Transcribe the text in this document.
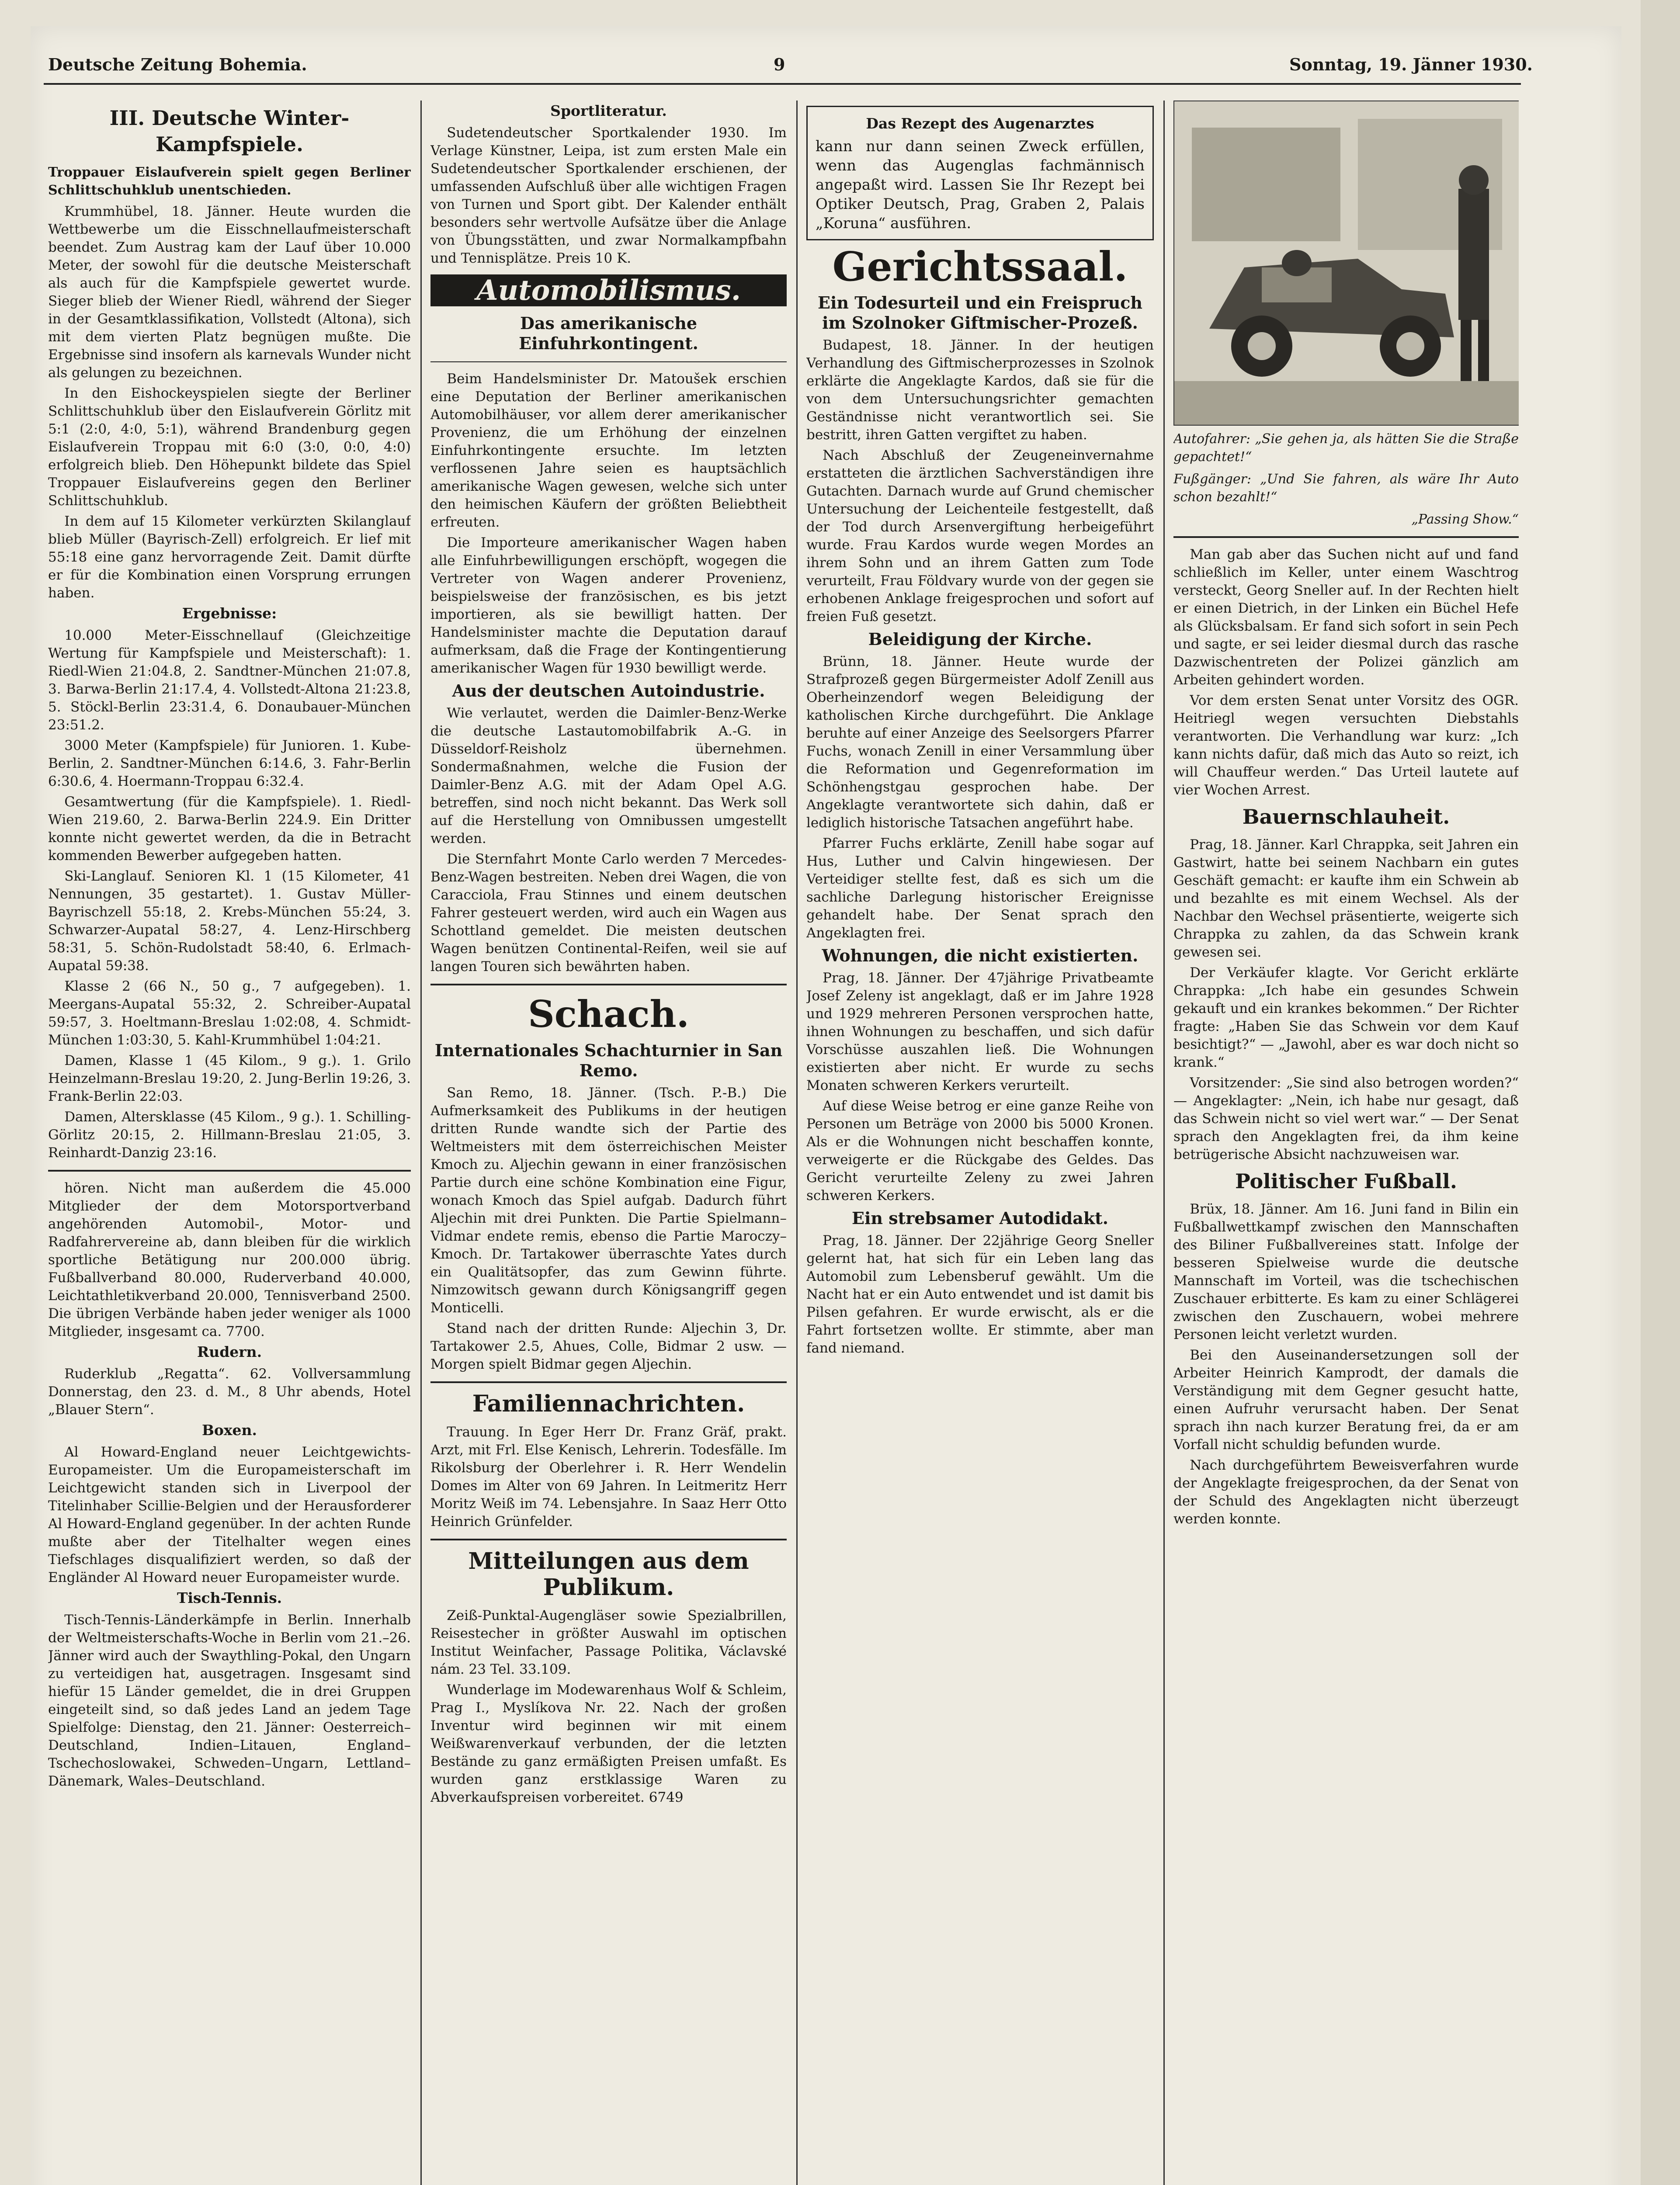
Deutsche Zeitung Bohemia.	9	Sonntag, 19. Jänner 1930.
III. Deutsche Winter-Kampfspiele.
Troppauer Eislaufverein spielt gegen Berliner Schlittschuhklub unentschieden.

Krummhübel, 18. Jänner. Heute wurden die Wettbewerbe um die Eisschnellaufmeisterschaft beendet. Zum Austrag kam der Lauf über 10.000 Meter, der sowohl für die deutsche Meisterschaft als auch für die Kampfspiele gewertet wurde. Sieger blieb der Wiener Riedl, während der Sieger in der Gesamtklassifikation, Vollstedt (Altona), sich mit dem vierten Platz begnügen mußte. Die Ergebnisse sind insofern als karnevals Wunder nicht als gelungen zu bezeichnen.

In den Eishockeyspielen siegte der Berliner Schlittschuhklub über den Eislaufverein Görlitz mit 5:1 (2:0, 4:0, 5:1), während Brandenburg gegen Eislaufverein Troppau mit 6:0 (3:0, 0:0, 4:0) erfolgreich blieb. Den Höhepunkt bildete das Spiel Troppauer Eislaufvereins gegen den Berliner Schlittschuhklub.

In dem auf 15 Kilometer verkürzten Skilanglauf blieb Müller (Bayrisch-Zell) erfolgreich. Er lief mit 55:18 eine ganz hervorragende Zeit. Damit dürfte er für die Kombination einen Vorsprung errungen haben.

Ergebnisse:

10.000 Meter-Eisschnellauf (Gleichzeitige Wertung für Kampfspiele und Meisterschaft): 1. Riedl-Wien 21:04.8, 2. Sandtner-München 21:07.8, 3. Barwa-Berlin 21:17.4, 4. Vollstedt-Altona 21:23.8, 5. Stöckl-Berlin 23:31.4, 6. Donaubauer-München 23:51.2.

3000 Meter (Kampfspiele) für Junioren. 1. Kube-Berlin, 2. Sandtner-München 6:14.6, 3. Fahr-Berlin 6:30.6, 4. Hoermann-Troppau 6:32.4.

Gesamtwertung (für die Kampfspiele). 1. Riedl-Wien 219.60, 2. Barwa-Berlin 224.9. Ein Dritter konnte nicht gewertet werden, da die in Betracht kommenden Bewerber aufgegeben hatten.

Ski-Langlauf. Senioren Kl. 1 (15 Kilometer, 41 Nennungen, 35 gestartet). 1. Gustav Müller-Bayrischzell 55:18, 2. Krebs-München 55:24, 3. Schwarzer-Aupatal 58:27, 4. Lenz-Hirschberg 58:31, 5. Schön-Rudolstadt 58:40, 6. Erlmach-Aupatal 59:38.

Klasse 2 (66 N., 50 g., 7 aufgegeben). 1. Meergans-Aupatal 55:32, 2. Schreiber-Aupatal 59:57, 3. Hoeltmann-Breslau 1:02:08, 4. Schmidt-München 1:03:30, 5. Kahl-Krummhübel 1:04:21.

Damen, Klasse 1 (45 Kilom., 9 g.). 1. Grilo Heinzelmann-Breslau 19:20, 2. Jung-Berlin 19:26, 3. Frank-Berlin 22:03.

Damen, Altersklasse (45 Kilom., 9 g.). 1. Schilling-Görlitz 20:15, 2. Hillmann-Breslau 21:05, 3. Reinhardt-Danzig 23:16.

hören. Nicht man außerdem die 45.000 Mitglieder der dem Motorsportverband angehörenden Automobil-, Motor- und Radfahrervereine ab, dann bleiben für die wirklich sportliche Betätigung nur 200.000 übrig. Fußballverband 80.000, Ruderverband 40.000, Leichtathletikverband 20.000, Tennisverband 2500. Die übrigen Verbände haben jeder weniger als 1000 Mitglieder, insgesamt ca. 7700.

Rudern.

Ruderklub „Regatta“. 62. Vollversammlung Donnerstag, den 23. d. M., 8 Uhr abends, Hotel „Blauer Stern“.

Boxen.

Al Howard-England neuer Leichtgewichts-Europameister. Um die Europameisterschaft im Leichtgewicht standen sich in Liverpool der Titelinhaber Scillie-Belgien und der Herausforderer Al Howard-England gegenüber. In der achten Runde mußte aber der Titelhalter wegen eines Tiefschlages disqualifiziert werden, so daß der Engländer Al Howard neuer Europameister wurde.

Tisch-Tennis.

Tisch-Tennis-Länderkämpfe in Berlin. Innerhalb der Weltmeisterschafts-Woche in Berlin vom 21.–26. Jänner wird auch der Swaythling-Pokal, den Ungarn zu verteidigen hat, ausgetragen. Insgesamt sind hiefür 15 Länder gemeldet, die in drei Gruppen eingeteilt sind, so daß jedes Land an jedem Tage Spielfolge: Dienstag, den 21. Jänner: Oesterreich–Deutschland, Indien–Litauen, England–Tschechoslowakei, Schweden–Ungarn, Lettland–Dänemark, Wales–Deutschland.

Sportliteratur.

Sudetendeutscher Sportkalender 1930. Im Verlage Künstner, Leipa, ist zum ersten Male ein Sudetendeutscher Sportkalender erschienen, der umfassenden Aufschluß über alle wichtigen Fragen von Turnen und Sport gibt. Der Kalender enthält besonders sehr wertvolle Aufsätze über die Anlage von Übungsstätten, und zwar Normalkampfbahn und Tennisplätze. Preis 10 K.

Automobilismus.
Das amerikanische Einfuhrkontingent.

Beim Handelsminister Dr. Matoušek erschien eine Deputation der Berliner amerikanischen Automobilhäuser, vor allem derer amerikanischer Provenienz, die um Erhöhung der einzelnen Einfuhrkontingente ersuchte. Im letzten verflossenen Jahre seien es hauptsächlich amerikanische Wagen gewesen, welche sich unter den heimischen Käufern der größten Beliebtheit erfreuten.

Die Importeure amerikanischer Wagen haben alle Einfuhrbewilligungen erschöpft, wogegen die Vertreter von Wagen anderer Provenienz, beispielsweise der französischen, es bis jetzt importieren, als sie bewilligt hatten. Der Handelsminister machte die Deputation darauf aufmerksam, daß die Frage der Kontingentierung amerikanischer Wagen für 1930 bewilligt werde.

Aus der deutschen Autoindustrie.

Wie verlautet, werden die Daimler-Benz-Werke die deutsche Lastautomobilfabrik A.-G. in Düsseldorf-Reisholz übernehmen. Sondermaßnahmen, welche die Fusion der Daimler-Benz A.G. mit der Adam Opel A.G. betreffen, sind noch nicht bekannt. Das Werk soll auf die Herstellung von Omnibussen umgestellt werden.

Die Sternfahrt Monte Carlo werden 7 Mercedes-Benz-Wagen bestreiten. Neben drei Wagen, die von Caracciola, Frau Stinnes und einem deutschen Fahrer gesteuert werden, wird auch ein Wagen aus Schottland gemeldet. Die meisten deutschen Wagen benützen Continental-Reifen, weil sie auf langen Touren sich bewährten haben.

Schach.
Internationales Schachturnier in San Remo.

San Remo, 18. Jänner. (Tsch. P.-B.) Die Aufmerksamkeit des Publikums in der heutigen dritten Runde wandte sich der Partie des Weltmeisters mit dem österreichischen Meister Kmoch zu. Aljechin gewann in einer französischen Partie durch eine schöne Kombination eine Figur, wonach Kmoch das Spiel aufgab. Dadurch führt Aljechin mit drei Punkten. Die Partie Spielmann–Vidmar endete remis, ebenso die Partie Maroczy–Kmoch. Dr. Tartakower überraschte Yates durch ein Qualitätsopfer, das zum Gewinn führte. Nimzowitsch gewann durch Königsangriff gegen Monticelli.

Stand nach der dritten Runde: Aljechin 3, Dr. Tartakower 2.5, Ahues, Colle, Bidmar 2 usw. — Morgen spielt Bidmar gegen Aljechin.

Familiennachrichten.

Trauung. In Eger Herr Dr. Franz Gräf, prakt. Arzt, mit Frl. Else Kenisch, Lehrerin. Todesfälle. Im Rikolsburg der Oberlehrer i. R. Herr Wendelin Domes im Alter von 69 Jahren. In Leitmeritz Herr Moritz Weiß im 74. Lebensjahre. In Saaz Herr Otto Heinrich Grünfelder.

Mitteilungen aus dem Publikum.

Zeiß-Punktal-Augengläser sowie Spezialbrillen, Reisestecher in größter Auswahl im optischen Institut Weinfacher, Passage Politika, Václavské nám. 23 Tel. 33.109.

Wunderlage im Modewarenhaus Wolf & Schleim, Prag I., Myslíkova Nr. 22. Nach der großen Inventur wird beginnen wir mit einem Weißwarenverkauf verbunden, der die letzten Bestände zu ganz ermäßigten Preisen umfaßt. Es wurden ganz erstklassige Waren zu Abverkaufspreisen vorbereitet. 6749

Das Rezept des Augenarztes
kann nur dann seinen Zweck erfüllen, wenn das Augenglas fachmännisch angepaßt wird. Lassen Sie Ihr Rezept bei Optiker Deutsch, Prag, Graben 2, Palais „Koruna“ ausführen.
Gerichtssaal.
Ein Todesurteil und ein Freispruch im Szolnoker Giftmischer-Prozeß.

Budapest, 18. Jänner. In der heutigen Verhandlung des Giftmischerprozesses in Szolnok erklärte die Angeklagte Kardos, daß sie für die von dem Untersuchungsrichter gemachten Geständnisse nicht verantwortlich sei. Sie bestritt, ihren Gatten vergiftet zu haben.

Nach Abschluß der Zeugeneinvernahme erstatteten die ärztlichen Sachverständigen ihre Gutachten. Darnach wurde auf Grund chemischer Untersuchung der Leichenteile festgestellt, daß der Tod durch Arsenvergiftung herbeigeführt wurde. Frau Kardos wurde wegen Mordes an ihrem Sohn und an ihrem Gatten zum Tode verurteilt, Frau Földvary wurde von der gegen sie erhobenen Anklage freigesprochen und sofort auf freien Fuß gesetzt.

Beleidigung der Kirche.

Brünn, 18. Jänner. Heute wurde der Strafprozeß gegen Bürgermeister Adolf Zenill aus Oberheinzendorf wegen Beleidigung der katholischen Kirche durchgeführt. Die Anklage beruhte auf einer Anzeige des Seelsorgers Pfarrer Fuchs, wonach Zenill in einer Versammlung über die Reformation und Gegenreformation im Schönhengstgau gesprochen habe. Der Angeklagte verantwortete sich dahin, daß er lediglich historische Tatsachen angeführt habe.

Pfarrer Fuchs erklärte, Zenill habe sogar auf Hus, Luther und Calvin hingewiesen. Der Verteidiger stellte fest, daß es sich um die sachliche Darlegung historischer Ereignisse gehandelt habe. Der Senat sprach den Angeklagten frei.

Wohnungen, die nicht existierten.

Prag, 18. Jänner. Der 47jährige Privatbeamte Josef Zeleny ist angeklagt, daß er im Jahre 1928 und 1929 mehreren Personen versprochen hatte, ihnen Wohnungen zu beschaffen, und sich dafür Vorschüsse auszahlen ließ. Die Wohnungen existierten aber nicht. Er wurde zu sechs Monaten schweren Kerkers verurteilt.

Auf diese Weise betrog er eine ganze Reihe von Personen um Beträge von 2000 bis 5000 Kronen. Als er die Wohnungen nicht beschaffen konnte, verweigerte er die Rückgabe des Geldes. Das Gericht verurteilte Zeleny zu zwei Jahren schweren Kerkers.

Ein strebsamer Autodidakt.

Prag, 18. Jänner. Der 22jährige Georg Sneller gelernt hat, hat sich für ein Leben lang das Automobil zum Lebensberuf gewählt. Um die Nacht hat er ein Auto entwendet und ist damit bis Pilsen gefahren. Er wurde erwischt, als er die Fahrt fortsetzen wollte. Er stimmte, aber man fand niemand.

Autofahrer: „Sie gehen ja, als hätten Sie die Straße gepachtet!“
Fußgänger: „Und Sie fahren, als wäre Ihr Auto schon bezahlt!“
„Passing Show.“

Man gab aber das Suchen nicht auf und fand schließlich im Keller, unter einem Waschtrog versteckt, Georg Sneller auf. In der Rechten hielt er einen Dietrich, in der Linken ein Büchel Hefe als Glücksbalsam. Er fand sich sofort in sein Pech und sagte, er sei leider diesmal durch das rasche Dazwischentreten der Polizei gänzlich am Arbeiten gehindert worden.

Vor dem ersten Senat unter Vorsitz des OGR. Heitriegl wegen versuchten Diebstahls verantworten. Die Verhandlung war kurz: „Ich kann nichts dafür, daß mich das Auto so reizt, ich will Chauffeur werden.“ Das Urteil lautete auf vier Wochen Arrest.

Bauernschlauheit.

Prag, 18. Jänner. Karl Chrappka, seit Jahren ein Gastwirt, hatte bei seinem Nachbarn ein gutes Geschäft gemacht: er kaufte ihm ein Schwein ab und bezahlte es mit einem Wechsel. Als der Nachbar den Wechsel präsentierte, weigerte sich Chrappka zu zahlen, da das Schwein krank gewesen sei.

Der Verkäufer klagte. Vor Gericht erklärte Chrappka: „Ich habe ein gesundes Schwein gekauft und ein krankes bekommen.“ Der Richter fragte: „Haben Sie das Schwein vor dem Kauf besichtigt?“ — „Jawohl, aber es war doch nicht so krank.“

Vorsitzender: „Sie sind also betrogen worden?“ — Angeklagter: „Nein, ich habe nur gesagt, daß das Schwein nicht so viel wert war.“ — Der Senat sprach den Angeklagten frei, da ihm keine betrügerische Absicht nachzuweisen war.

Politischer Fußball.

Brüx, 18. Jänner. Am 16. Juni fand in Bilin ein Fußballwettkampf zwischen den Mannschaften des Biliner Fußballvereines statt. Infolge der besseren Spielweise wurde die deutsche Mannschaft im Vorteil, was die tschechischen Zuschauer erbitterte. Es kam zu einer Schlägerei zwischen den Zuschauern, wobei mehrere Personen leicht verletzt wurden.

Bei den Auseinandersetzungen soll der Arbeiter Heinrich Kamprodt, der damals die Verständigung mit dem Gegner gesucht hatte, einen Aufruhr verursacht haben. Der Senat sprach ihn nach kurzer Beratung frei, da er am Vorfall nicht schuldig befunden wurde.

Nach durchgeführtem Beweisverfahren wurde der Angeklagte freigesprochen, da der Senat von der Schuld des Angeklagten nicht überzeugt werden konnte.
